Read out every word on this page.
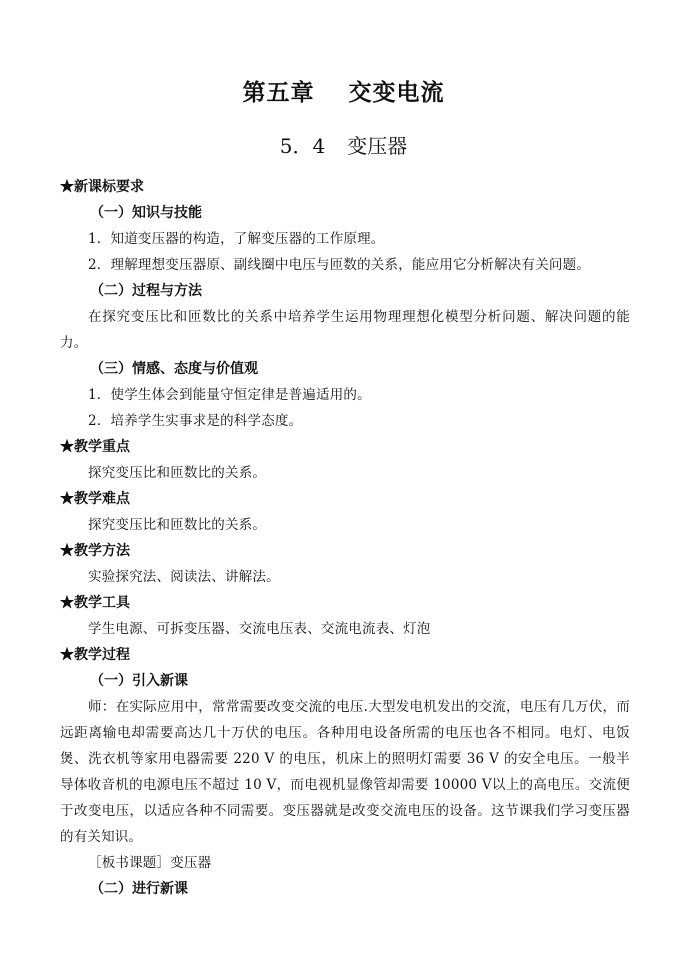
第五章 交变电流
5．4 变压器

★新课标要求

（一）知识与技能

1．知道变压器的构造，了解变压器的工作原理。

2．理解理想变压器原、副线圈中电压与匝数的关系，能应用它分析解决有关问题。

（二）过程与方法

在探究变压比和匝数比的关系中培养学生运用物理理想化模型分析问题、解决问题的能力。

（三）情感、态度与价值观

1．使学生体会到能量守恒定律是普遍适用的。

2．培养学生实事求是的科学态度。

★教学重点

探究变压比和匝数比的关系。

★教学难点

探究变压比和匝数比的关系。

★教学方法

实验探究法、阅读法、讲解法。

★教学工具

学生电源、可拆变压器、交流电压表、交流电流表、灯泡

★教学过程

（一）引入新课

师：在实际应用中，常常需要改变交流的电压.大型发电机发出的交流，电压有几万伏，而远距离输电却需要高达几十万伏的电压。各种用电设备所需的电压也各不相同。电灯、电饭煲、洗衣机等家用电器需要 220 V 的电压，机床上的照明灯需要 36 V 的安全电压。一般半导体收音机的电源电压不超过 10 V，而电视机显像管却需要 10000 V以上的高电压。交流便于改变电压，以适应各种不同需要。变压器就是改变交流电压的设备。这节课我们学习变压器的有关知识。

［板书课题］变压器

（二）进行新课
